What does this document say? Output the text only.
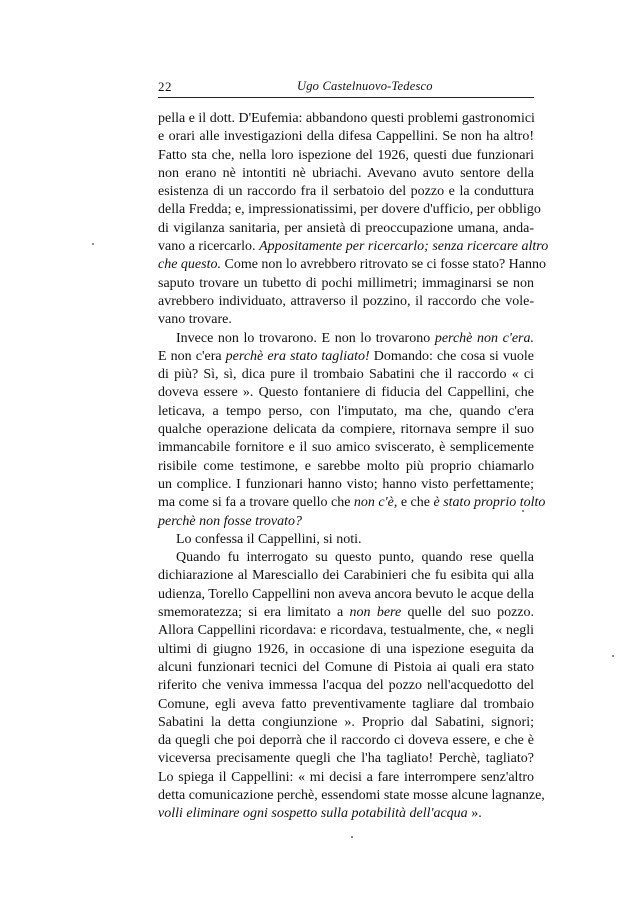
22	Ugo Castelnuovo-Tedesco
pella e il dott. D'Eufemia: abbandono questi problemi gastronomici
e orari alle investigazioni della difesa Cappellini. Se non ha altro!
Fatto sta che, nella loro ispezione del 1926, questi due funzionari
non erano nè intontiti nè ubriachi. Avevano avuto sentore della
esistenza di un raccordo fra il serbatoio del pozzo e la conduttura
della Fredda; e, impressionatissimi, per dovere d'ufficio, per obbligo
di vigilanza sanitaria, per ansietà di preoccupazione umana, anda-
vano a ricercarlo. Appositamente per ricercarlo; senza ricercare altro
che questo. Come non lo avrebbero ritrovato se ci fosse stato? Hanno
saputo trovare un tubetto di pochi millimetri; immaginarsi se non
avrebbero individuato, attraverso il pozzino, il raccordo che vole-
vano trovare.
Invece non lo trovarono. E non lo trovarono perchè non c'era.
E non c'era perchè era stato tagliato! Domando: che cosa si vuole
di più? Sì, sì, dica pure il trombaio Sabatini che il raccordo « ci
doveva essere ». Questo fontaniere di fiducia del Cappellini, che
leticava, a tempo perso, con l'imputato, ma che, quando c'era
qualche operazione delicata da compiere, ritornava sempre il suo
immancabile fornitore e il suo amico sviscerato, è semplicemente
risibile come testimone, e sarebbe molto più proprio chiamarlo
un complice. I funzionari hanno visto; hanno visto perfettamente;
ma come si fa a trovare quello che non c'è, e che è stato proprio tolto
perchè non fosse trovato?
Lo confessa il Cappellini, si noti.
Quando fu interrogato su questo punto, quando rese quella
dichiarazione al Maresciallo dei Carabinieri che fu esibita qui alla
udienza, Torello Cappellini non aveva ancora bevuto le acque della
smemoratezza; si era limitato a non bere quelle del suo pozzo.
Allora Cappellini ricordava: e ricordava, testualmente, che, « negli
ultimi di giugno 1926, in occasione di una ispezione eseguita da
alcuni funzionari tecnici del Comune di Pistoia ai quali era stato
riferito che veniva immessa l'acqua del pozzo nell'acquedotto del
Comune, egli aveva fatto preventivamente tagliare dal trombaio
Sabatini la detta congiunzione ». Proprio dal Sabatini, signori;
da quegli che poi deporrà che il raccordo ci doveva essere, e che è
viceversa precisamente quegli che l'ha tagliato! Perchè, tagliato?
Lo spiega il Cappellini: « mi decisi a fare interrompere senz'altro
detta comunicazione perchè, essendomi state mosse alcune lagnanze,
volli eliminare ogni sospetto sulla potabilità dell'acqua ».
